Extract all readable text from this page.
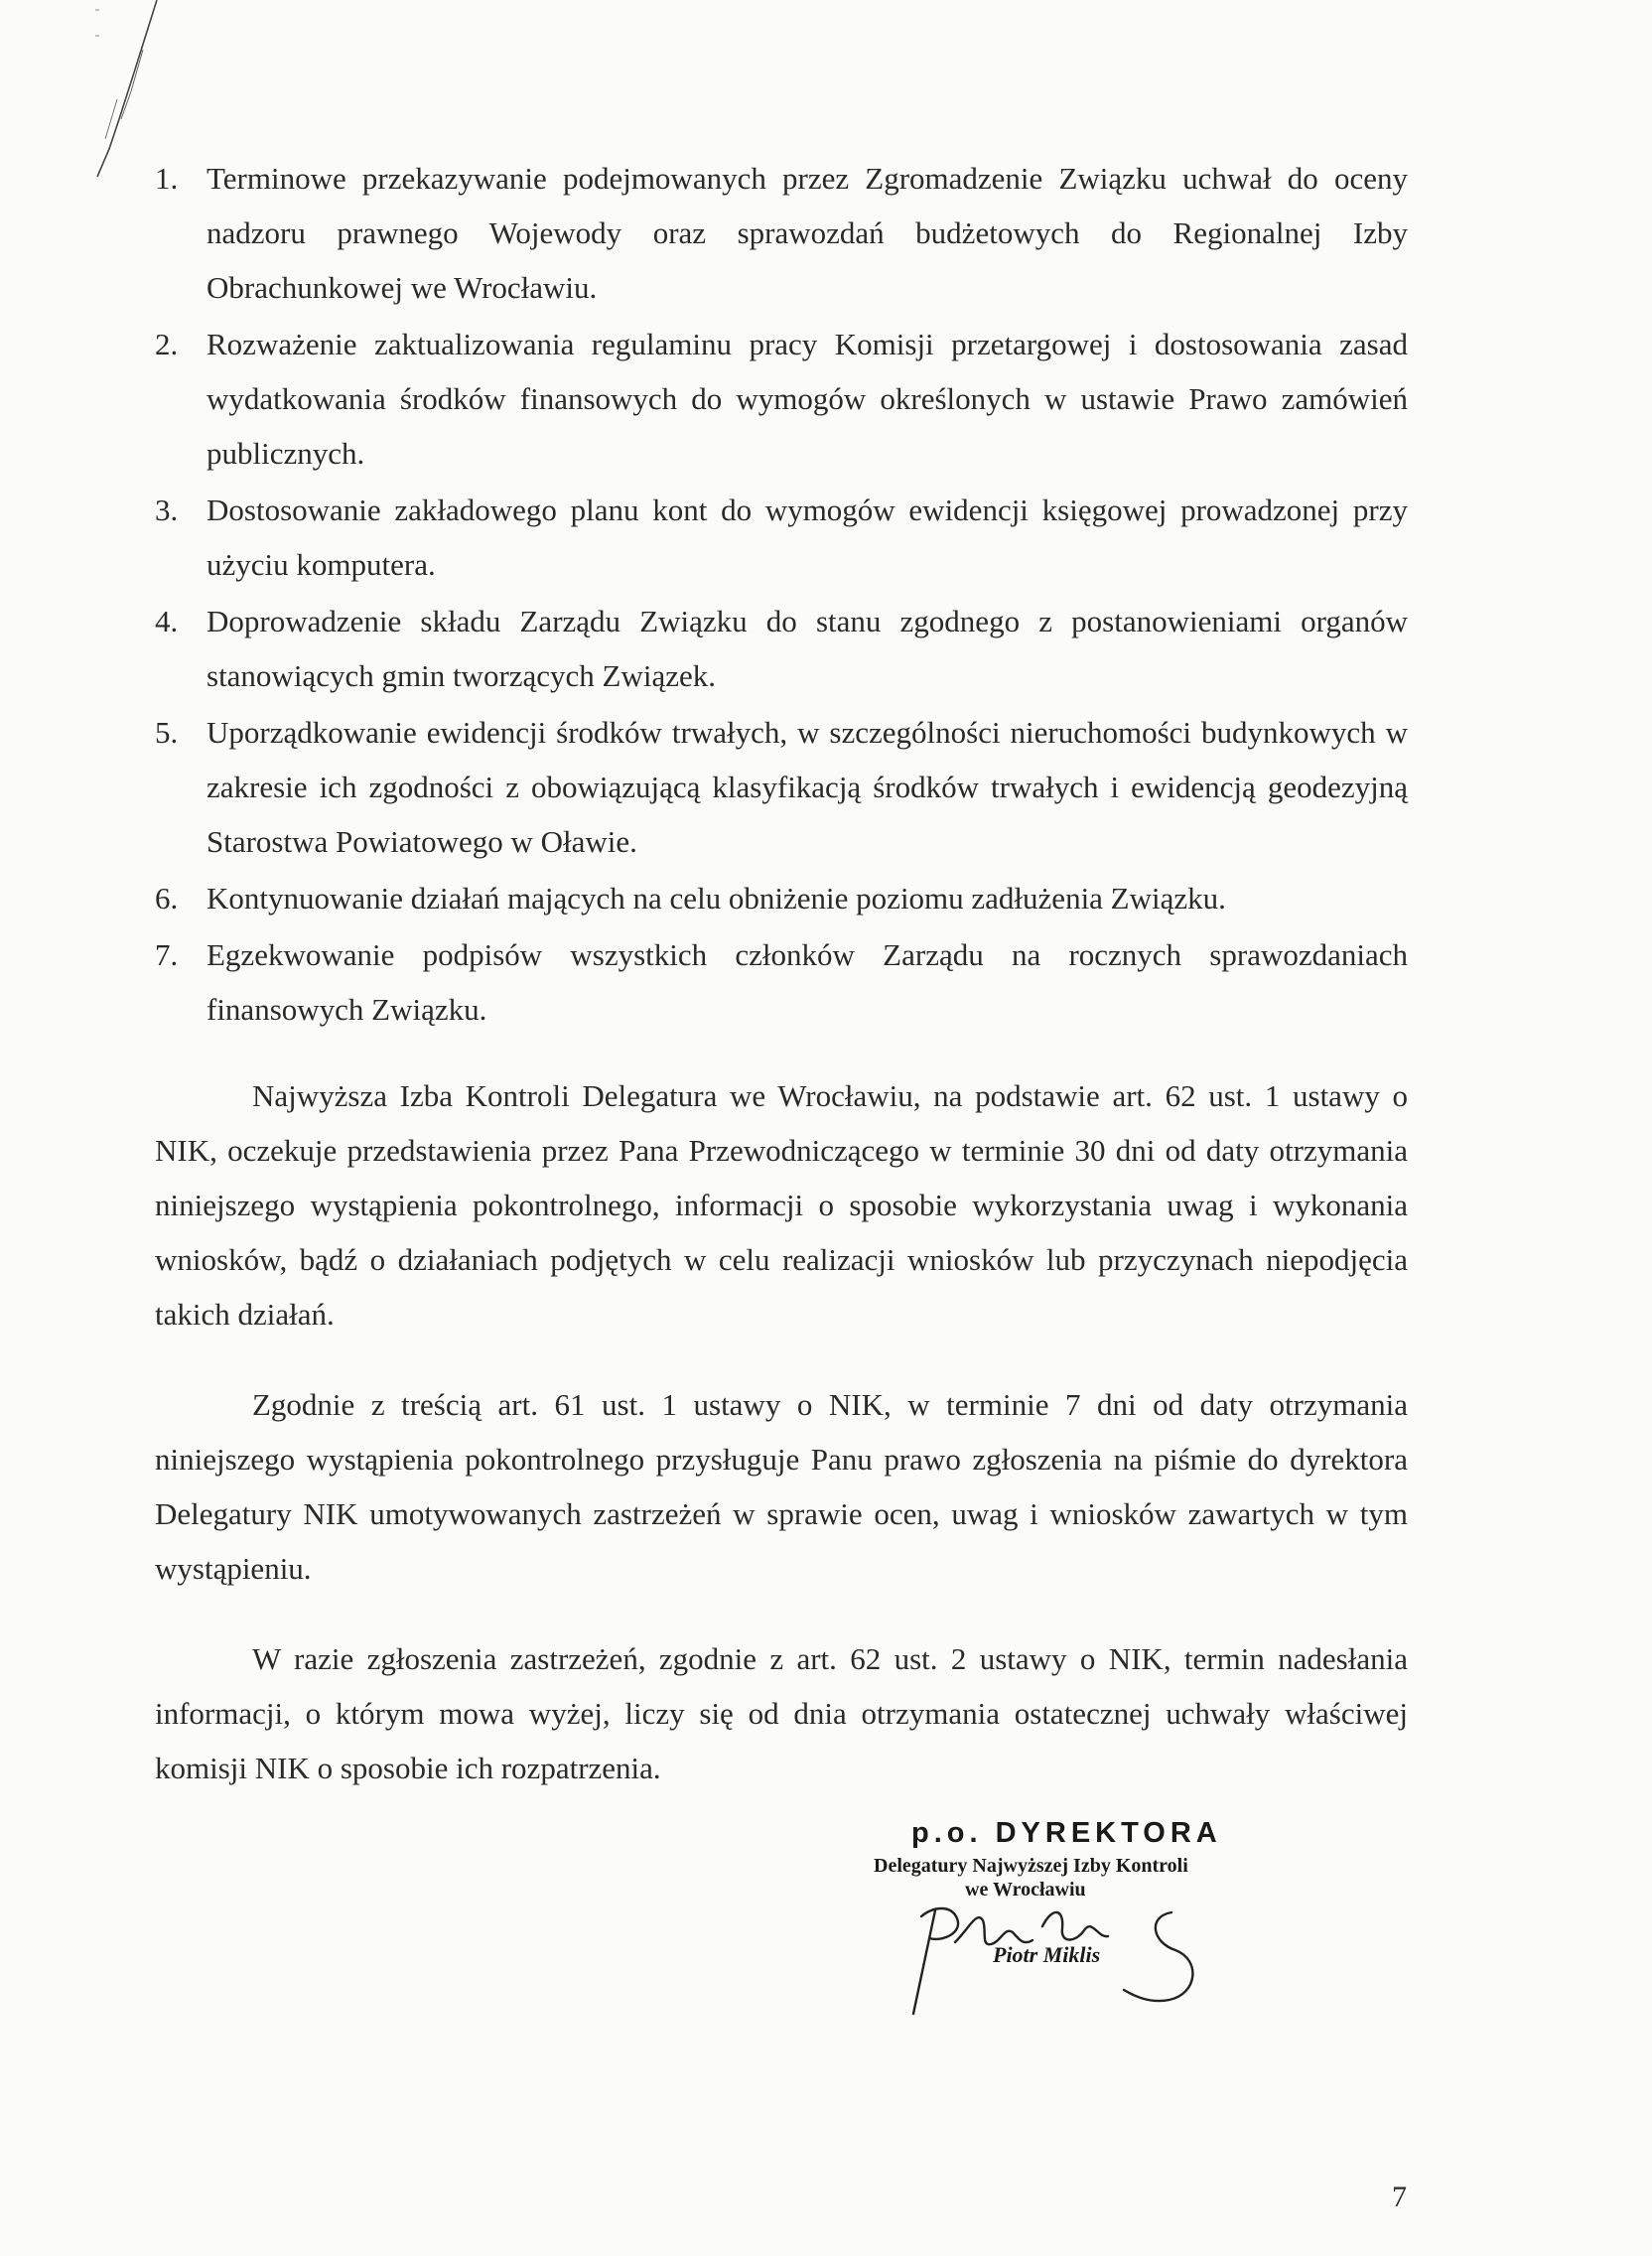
1. Terminowe przekazywanie podejmowanych przez Zgromadzenie Związku uchwał do oceny nadzoru prawnego Wojewody oraz sprawozdań budżetowych do Regionalnej Izby Obrachunkowej we Wrocławiu.
2. Rozważenie zaktualizowania regulaminu pracy Komisji przetargowej i dostosowania zasad wydatkowania środków finansowych do wymogów określonych w ustawie Prawo zamówień publicznych.
3. Dostosowanie zakładowego planu kont do wymogów ewidencji księgowej prowadzonej przy użyciu komputera.
4. Doprowadzenie składu Zarządu Związku do stanu zgodnego z postanowieniami organów stanowiących gmin tworzących Związek.
5. Uporządkowanie ewidencji środków trwałych, w szczególności nieruchomości budynkowych w zakresie ich zgodności z obowiązującą klasyfikacją środków trwałych i ewidencją geodezyjną Starostwa Powiatowego w Oławie.
6. Kontynuowanie działań mających na celu obniżenie poziomu zadłużenia Związku.
7. Egzekwowanie podpisów wszystkich członków Zarządu na rocznych sprawozdaniach finansowych Związku.

Najwyższa Izba Kontroli Delegatura we Wrocławiu, na podstawie art. 62 ust. 1 ustawy o NIK, oczekuje przedstawienia przez Pana Przewodniczącego w terminie 30 dni od daty otrzymania niniejszego wystąpienia pokontrolnego, informacji o sposobie wykorzystania uwag i wykonania wniosków, bądź o działaniach podjętych w celu realizacji wniosków lub przyczynach niepodjęcia takich działań.

Zgodnie z treścią art. 61 ust. 1 ustawy o NIK, w terminie 7 dni od daty otrzymania niniejszego wystąpienia pokontrolnego przysługuje Panu prawo zgłoszenia na piśmie do dyrektora Delegatury NIK umotywowanych zastrzeżeń w sprawie ocen, uwag i wniosków zawartych w tym wystąpieniu.

W razie zgłoszenia zastrzeżeń, zgodnie z art. 62 ust. 2 ustawy o NIK, termin nadesłania informacji, o którym mowa wyżej, liczy się od dnia otrzymania ostatecznej uchwały właściwej komisji NIK o sposobie ich rozpatrzenia.

p.o. DYREKTORA
Delegatury Najwyższej Izby Kontroli
we Wrocławiu
Piotr Miklis
7
